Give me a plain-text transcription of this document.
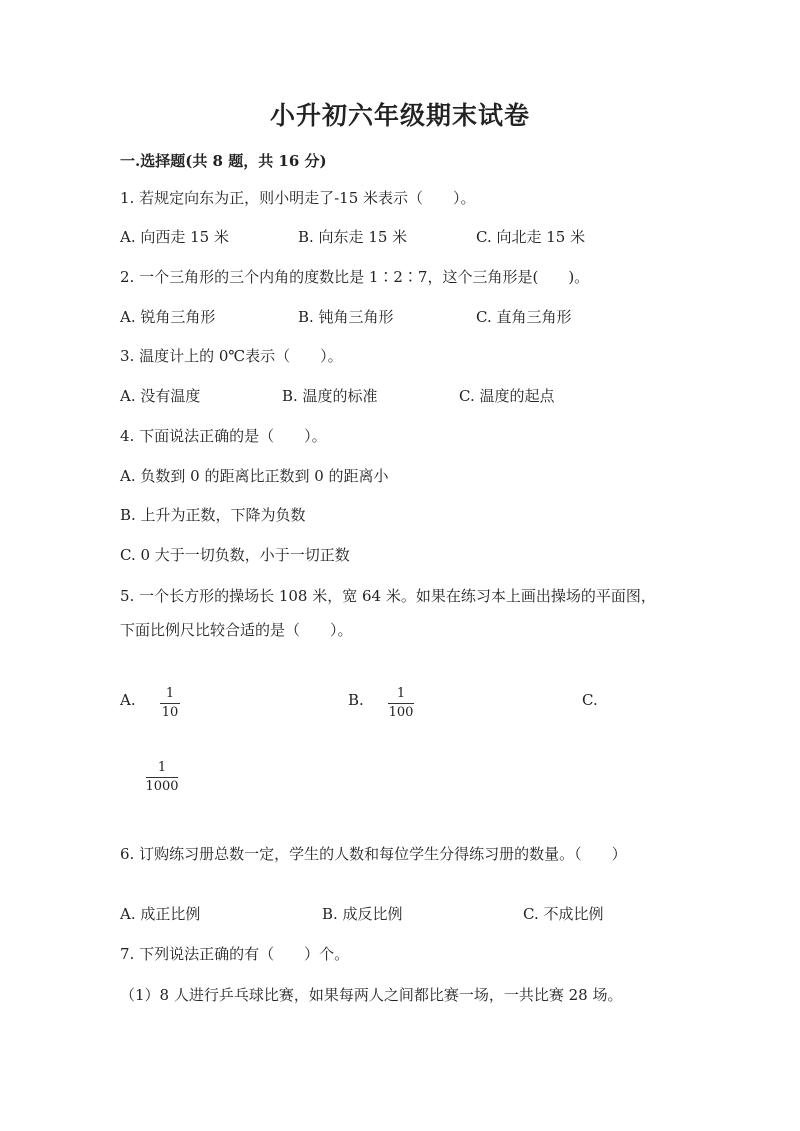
小升初六年级期末试卷
一.选择题(共 8 题，共 16 分)
1. 若规定向东为正，则小明走了-15 米表示（　　）。
A. 向西走 15 米	B. 向东走 15 米	C. 向北走 15 米
2. 一个三角形的三个内角的度数比是 1∶2∶7，这个三角形是(　　)。
A. 锐角三角形	B. 钝角三角形	C. 直角三角形
3. 温度计上的 0℃表示（　　）。
A. 没有温度	B. 温度的标准	C. 温度的起点
4. 下面说法正确的是（　　）。
A. 负数到 0 的距离比正数到 0 的距离小
B. 上升为正数，下降为负数
C. 0 大于一切负数，小于一切正数
5. 一个长方形的操场长 108 米，宽 64 米。如果在练习本上画出操场的平面图，
下面比例尺比较合适的是（　　）。
A. 1
10
B.	1
100
C.
1
1000
6. 订购练习册总数一定，学生的人数和每位学生分得练习册的数量。（　　）
A. 成正比例	B. 成反比例	C. 不成比例
7. 下列说法正确的有（　　）个。
（1）8 人进行乒乓球比赛，如果每两人之间都比赛一场，一共比赛 28 场。
